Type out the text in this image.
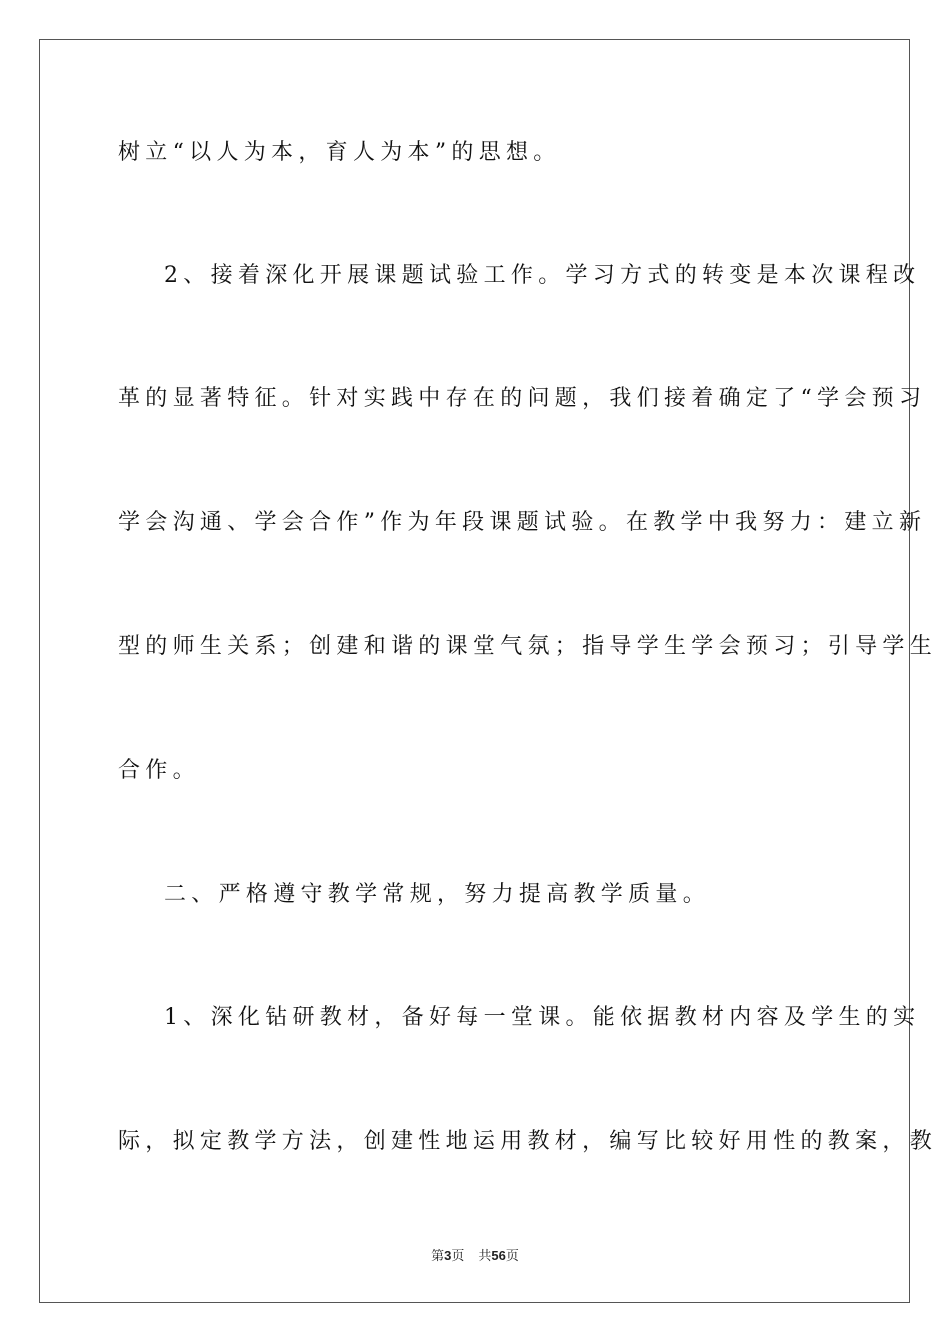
树立“以人为本，育人为本”的思想。

2、接着深化开展课题试验工作。学习方式的转变是本次课程改

革的显著特征。针对实践中存在的问题，我们接着确定了“学会预习

学会沟通、学会合作”作为年段课题试验。在教学中我努力：建立新

型的师生关系；创建和谐的课堂气氛；指导学生学会预习；引导学生

合作。

二、严格遵守教学常规，努力提高教学质量。

1、深化钻研教材，备好每一堂课。能依据教材内容及学生的实

际，拟定教学方法，创建性地运用教材，编写比较好用性的教案，教

第3页 共56页
